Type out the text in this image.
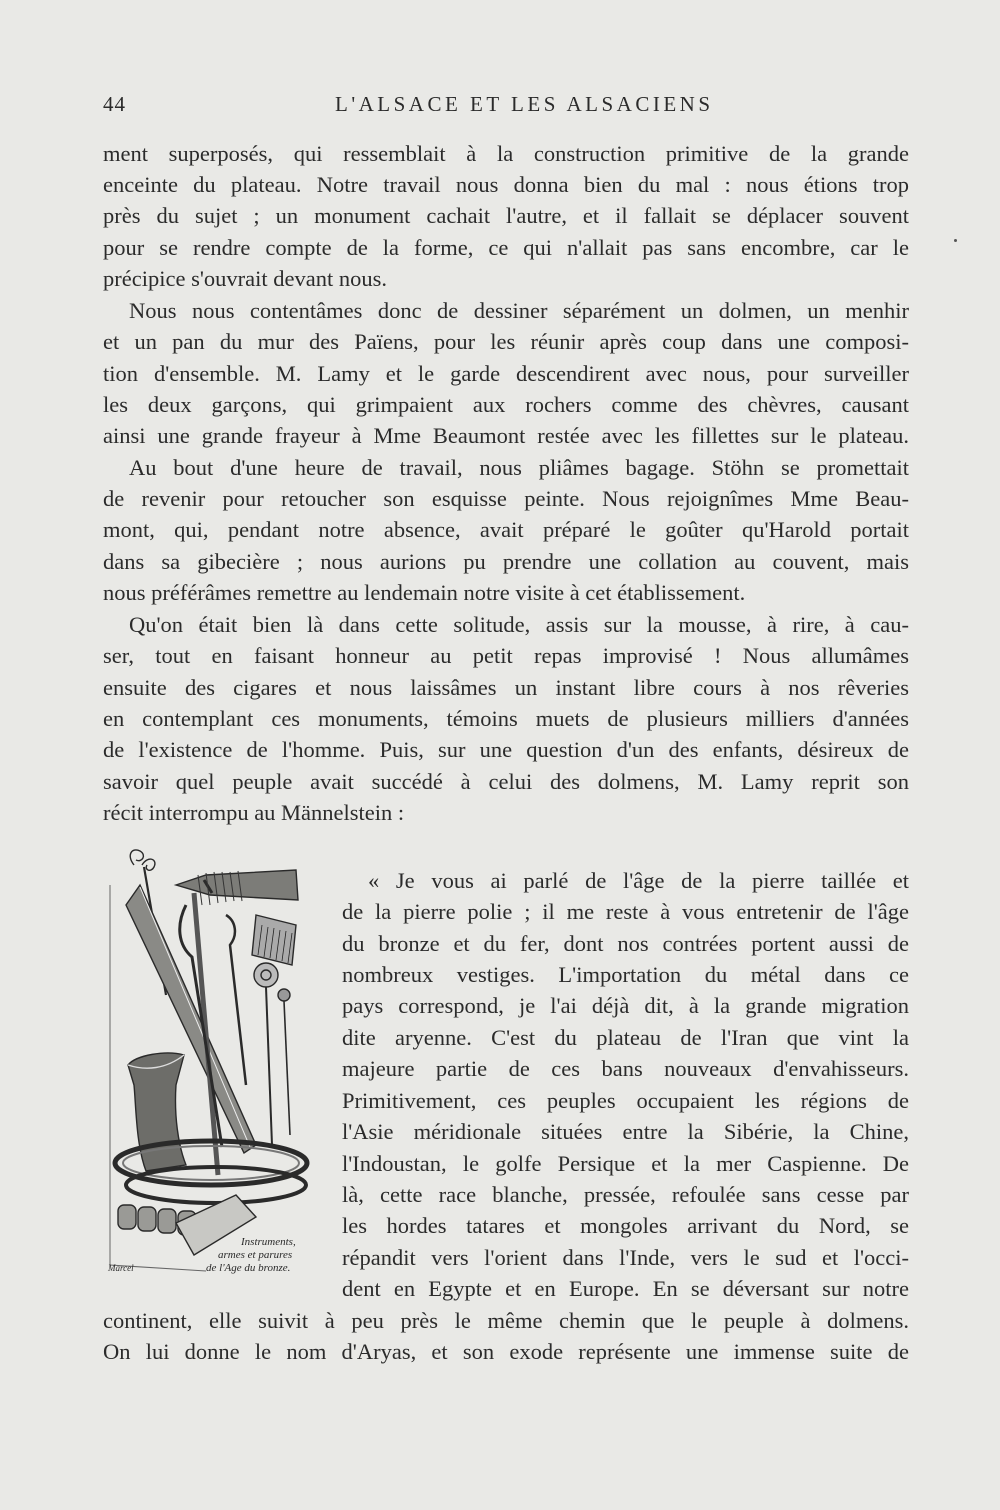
44	L'ALSACE ET LES ALSACIENS
ment superposés, qui ressemblait à la construction primitive de la grande
enceinte du plateau. Notre travail nous donna bien du mal : nous étions trop
près du sujet ; un monument cachait l'autre, et il fallait se déplacer souvent
pour se rendre compte de la forme, ce qui n'allait pas sans encombre, car le
précipice s'ouvrait devant nous.
Nous nous contentâmes donc de dessiner séparément un dolmen, un menhir
et un pan du mur des Païens, pour les réunir après coup dans une composi-
tion d'ensemble. M. Lamy et le garde descendirent avec nous, pour surveiller
les deux garçons, qui grimpaient aux rochers comme des chèvres, causant
ainsi une grande frayeur à Mme Beaumont restée avec les fillettes sur le plateau.
Au bout d'une heure de travail, nous pliâmes bagage. Stöhn se promettait
de revenir pour retoucher son esquisse peinte. Nous rejoignîmes Mme Beau-
mont, qui, pendant notre absence, avait préparé le goûter qu'Harold portait
dans sa gibecière ; nous aurions pu prendre une collation au couvent, mais
nous préférâmes remettre au lendemain notre visite à cet établissement.
Qu'on était bien là dans cette solitude, assis sur la mousse, à rire, à cau-
ser, tout en faisant honneur au petit repas improvisé ! Nous allumâmes
ensuite des cigares et nous laissâmes un instant libre cours à nos rêveries
en contemplant ces monuments, témoins muets de plusieurs milliers d'années
de l'existence de l'homme. Puis, sur une question d'un des enfants, désireux de
savoir quel peuple avait succédé à celui des dolmens, M. Lamy reprit son
récit interrompu au Männelstein :
« Je vous ai parlé de l'âge de la pierre taillée et
de la pierre polie ; il me reste à vous entretenir de l'âge
du bronze et du fer, dont nos contrées portent aussi de
nombreux vestiges. L'importation du métal dans ce
pays correspond, je l'ai déjà dit, à la grande migration
dite aryenne. C'est du plateau de l'Iran que vint la
majeure partie de ces bans nouveaux d'envahisseurs.
Primitivement, ces peuples occupaient les régions de
l'Asie méridionale situées entre la Sibérie, la Chine,
l'Indoustan, le golfe Persique et la mer Caspienne. De
là, cette race blanche, pressée, refoulée sans cesse par
les hordes tatares et mongoles arrivant du Nord, se
répandit vers l'orient dans l'Inde, vers le sud et l'occi-
dent en Egypte et en Europe. En se déversant sur notre
continent, elle suivit à peu près le même chemin que le peuple à dolmens.
On lui donne le nom d'Aryas, et son exode représente une immense suite de
Instruments,
armes et parures
de l'Age du bronze.
Marcel
